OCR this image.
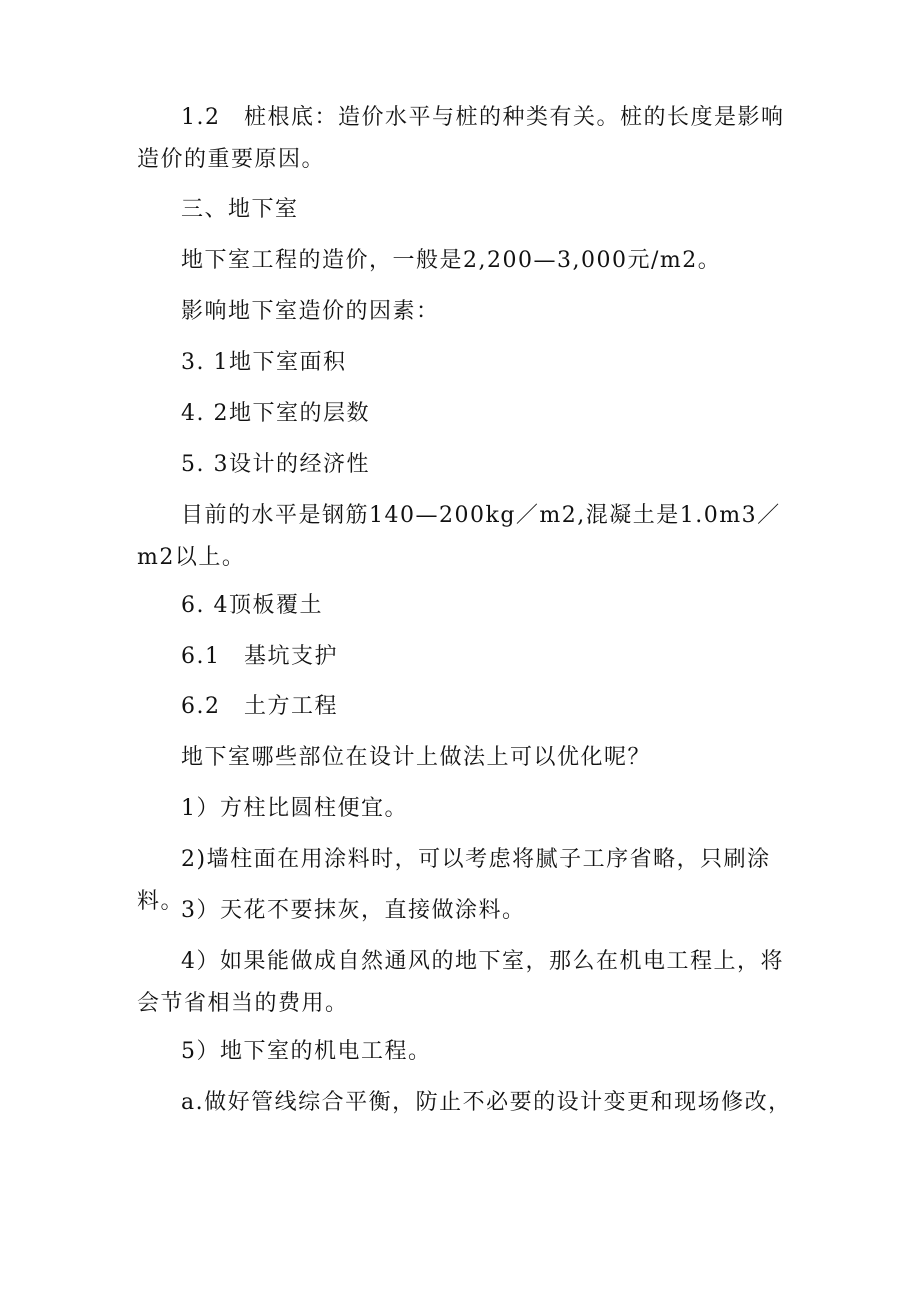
1.2　桩根底：造价水平与桩的种类有关。桩的长度是影响造价的重要原因。

三、地下室

地下室工程的造价，一般是2,200—3,000元/m2。

影响地下室造价的因素：

3. 1地下室面积

4. 2地下室的层数

5. 3设计的经济性

目前的水平是钢筋140—200kg／m2,混凝土是1.0m3／m2以上。

6. 4顶板覆土

6.1　基坑支护

6.2　土方工程

地下室哪些部位在设计上做法上可以优化呢？

1）方柱比圆柱便宜。

2)墙柱面在用涂料时，可以考虑将腻子工序省略，只刷涂料。

3）天花不要抹灰，直接做涂料。

4）如果能做成自然通风的地下室，那么在机电工程上，将会节省相当的费用。

5）地下室的机电工程。

a.做好管线综合平衡，防止不必要的设计变更和现场修改，
